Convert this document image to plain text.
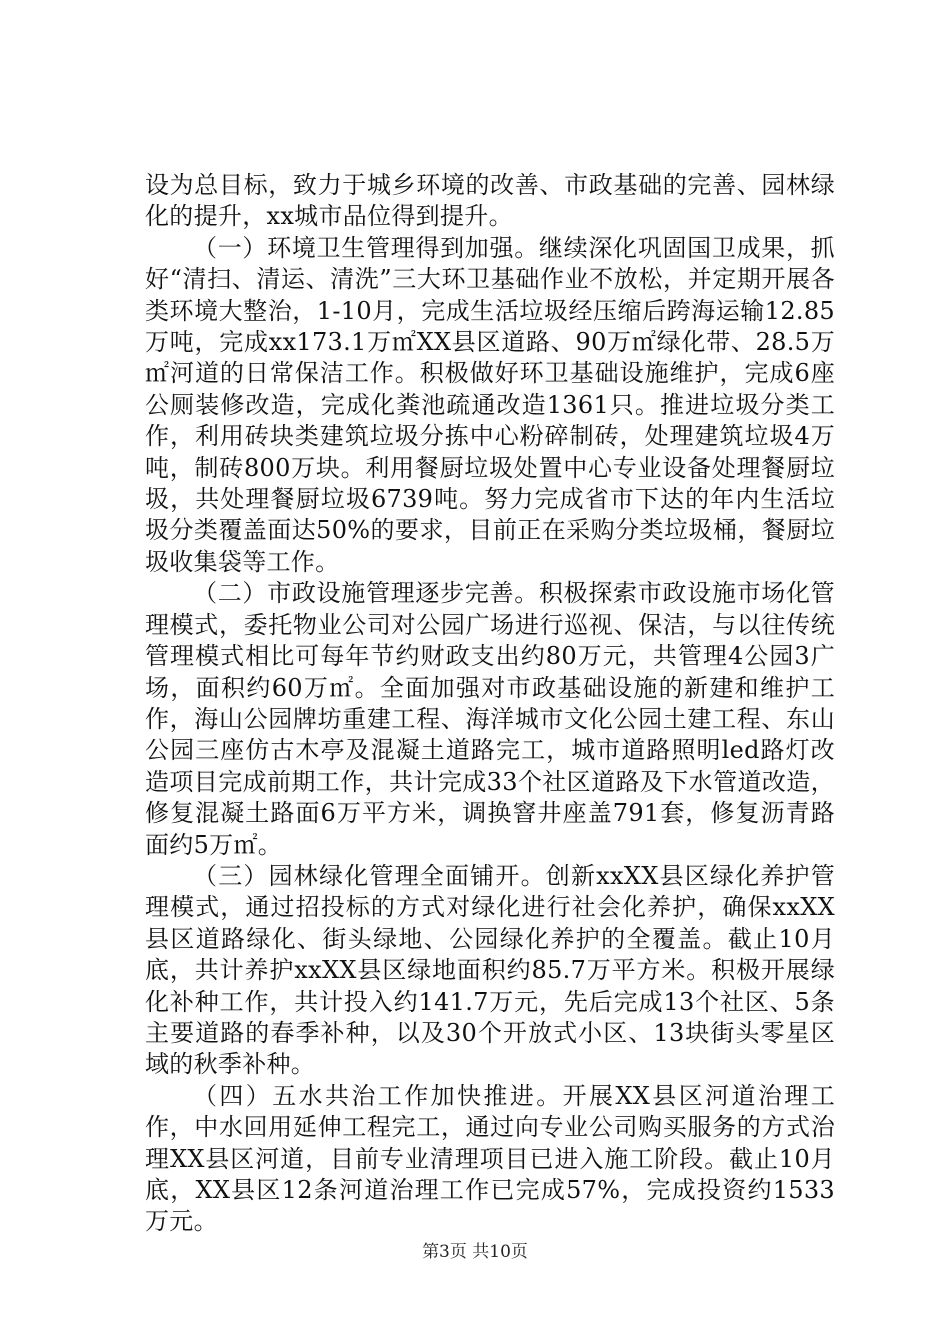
设为总目标，致力于城乡环境的改善、市政基础的完善、园林绿化的提升，xx城市品位得到提升。

（一）环境卫生管理得到加强。继续深化巩固国卫成果，抓好“清扫、清运、清洗”三大环卫基础作业不放松，并定期开展各类环境大整治，1-10月，完成生活垃圾经压缩后跨海运输12.85万吨，完成xx173.1万㎡XX县区道路、90万㎡绿化带、28.5万㎡河道的日常保洁工作。积极做好环卫基础设施维护，完成6座公厕装修改造，完成化粪池疏通改造1361只。推进垃圾分类工作，利用砖块类建筑垃圾分拣中心粉碎制砖，处理建筑垃圾4万吨，制砖800万块。利用餐厨垃圾处置中心专业设备处理餐厨垃圾，共处理餐厨垃圾6739吨。努力完成省市下达的年内生活垃圾分类覆盖面达50%的要求，目前正在采购分类垃圾桶，餐厨垃圾收集袋等工作。

（二）市政设施管理逐步完善。积极探索市政设施市场化管理模式，委托物业公司对公园广场进行巡视、保洁，与以往传统管理模式相比可每年节约财政支出约80万元，共管理4公园3广场，面积约60万㎡。全面加强对市政基础设施的新建和维护工作，海山公园牌坊重建工程、海洋城市文化公园土建工程、东山公园三座仿古木亭及混凝土道路完工，城市道路照明led路灯改造项目完成前期工作，共计完成33个社区道路及下水管道改造，修复混凝土路面6万平方米，调换窨井座盖791套，修复沥青路面约5万㎡。

（三）园林绿化管理全面铺开。创新xxXX县区绿化养护管理模式，通过招投标的方式对绿化进行社会化养护，确保xxXX县区道路绿化、街头绿地、公园绿化养护的全覆盖。截止10月底，共计养护xxXX县区绿地面积约85.7万平方米。积极开展绿化补种工作，共计投入约141.7万元，先后完成13个社区、5条主要道路的春季补种，以及30个开放式小区、13块街头零星区域的秋季补种。

（四）五水共治工作加快推进。开展XX县区河道治理工作，中水回用延伸工程完工，通过向专业公司购买服务的方式治理XX县区河道，目前专业清理项目已进入施工阶段。截止10月底，XX县区12条河道治理工作已完成57%，完成投资约1533万元。

第3页 共10页
